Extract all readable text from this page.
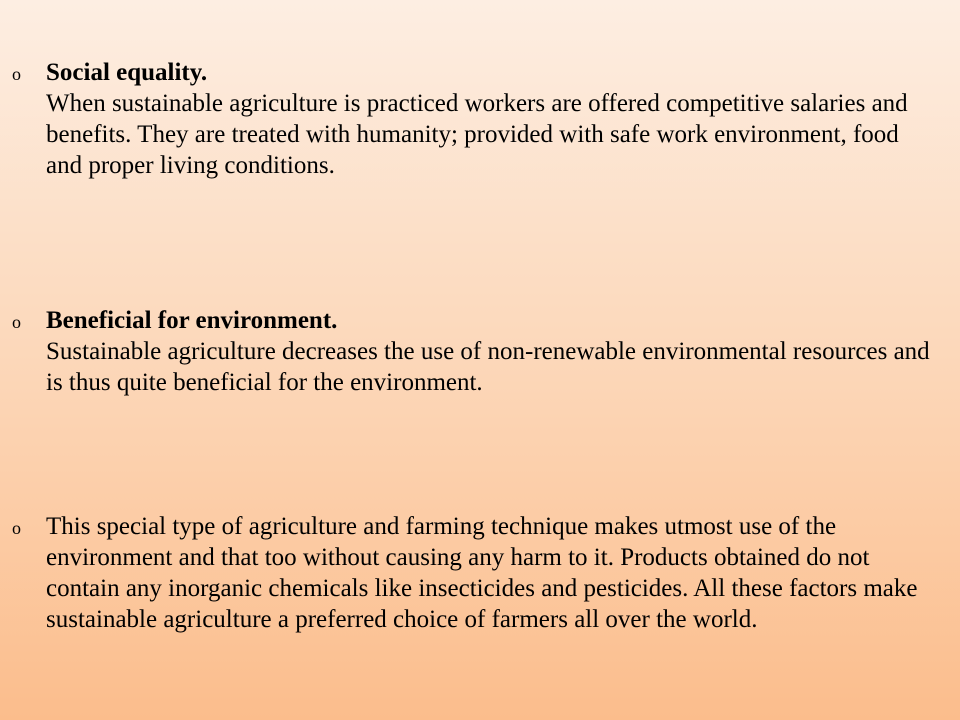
o Social equality.
When sustainable agriculture is practiced workers are offered competitive salaries and benefits. They are treated with humanity; provided with safe work environment, food and proper living conditions.
o Beneficial for environment.
Sustainable agriculture decreases the use of non-renewable environmental resources and is thus quite beneficial for the environment.
o This special type of agriculture and farming technique makes utmost use of the environment and that too without causing any harm to it. Products obtained do not contain any inorganic chemicals like insecticides and pesticides. All these factors make sustainable agriculture a preferred choice of farmers all over the world.
